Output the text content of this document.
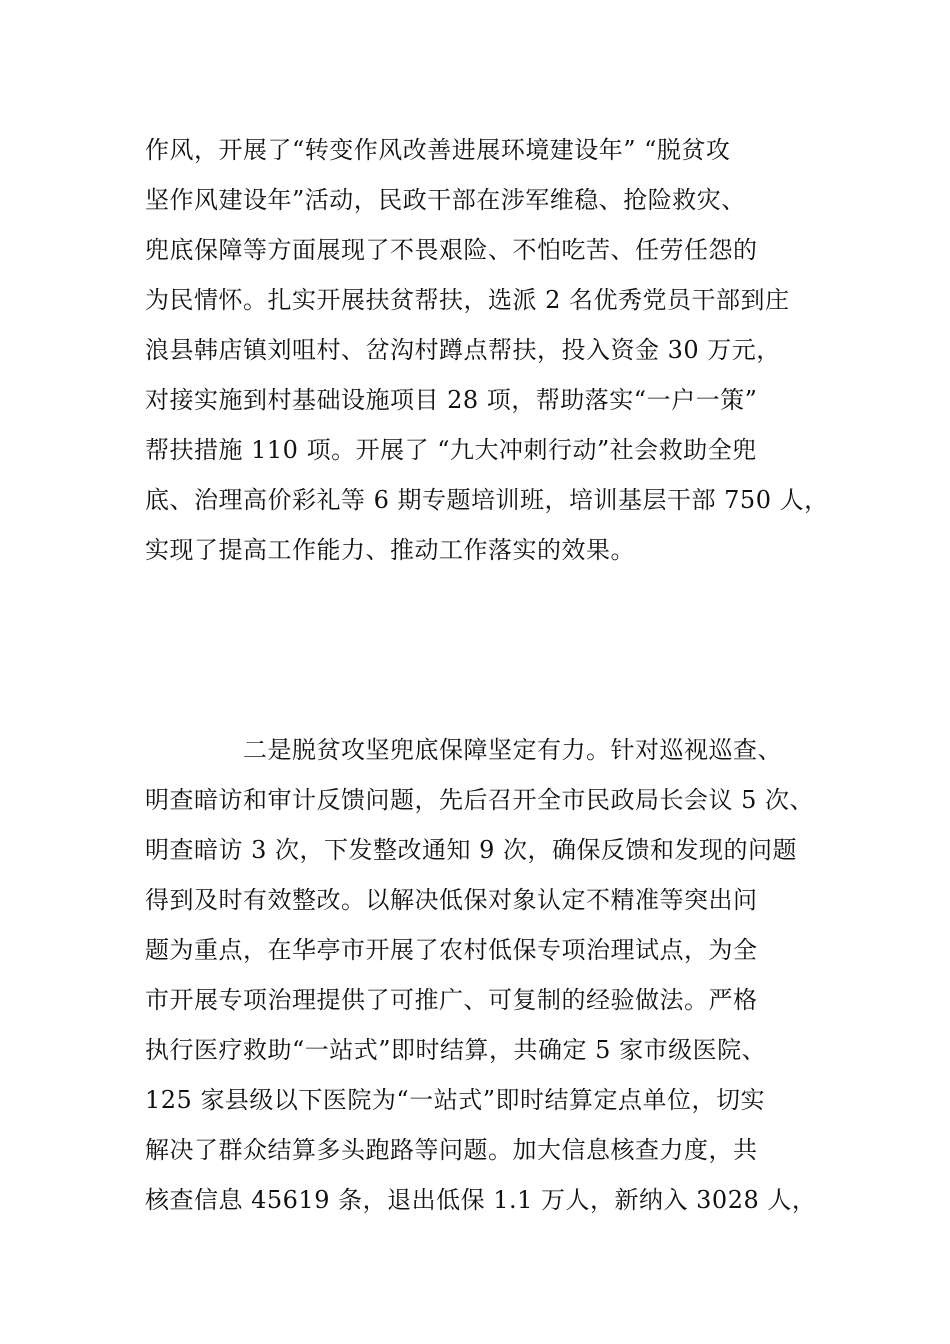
作风，开展了“转变作风改善进展环境建设年” “脱贫攻
坚作风建设年”活动，民政干部在涉军维稳、抢险救灾、
兜底保障等方面展现了不畏艰险、不怕吃苦、任劳任怨的
为民情怀。扎实开展扶贫帮扶，选派 2 名优秀党员干部到庄
浪县韩店镇刘咀村、岔沟村蹲点帮扶，投入资金 30 万元，
对接实施到村基础设施项目 28 项，帮助落实“一户一策”
帮扶措施 110 项。开展了 “九大冲刺行动”社会救助全兜
底、治理高价彩礼等 6 期专题培训班，培训基层干部 750 人，
实现了提高工作能力、推动工作落实的效果。
二是脱贫攻坚兜底保障坚定有力。针对巡视巡查、
明查暗访和审计反馈问题，先后召开全市民政局长会议 5 次、
明查暗访 3 次，下发整改通知 9 次，确保反馈和发现的问题
得到及时有效整改。以解决低保对象认定不精准等突出问
题为重点，在华亭市开展了农村低保专项治理试点，为全
市开展专项治理提供了可推广、可复制的经验做法。严格
执行医疗救助“一站式”即时结算，共确定 5 家市级医院、
125 家县级以下医院为“一站式”即时结算定点单位，切实
解决了群众结算多头跑路等问题。加大信息核查力度，共
核查信息 45619 条，退出低保 1.1 万人，新纳入 3028 人，
